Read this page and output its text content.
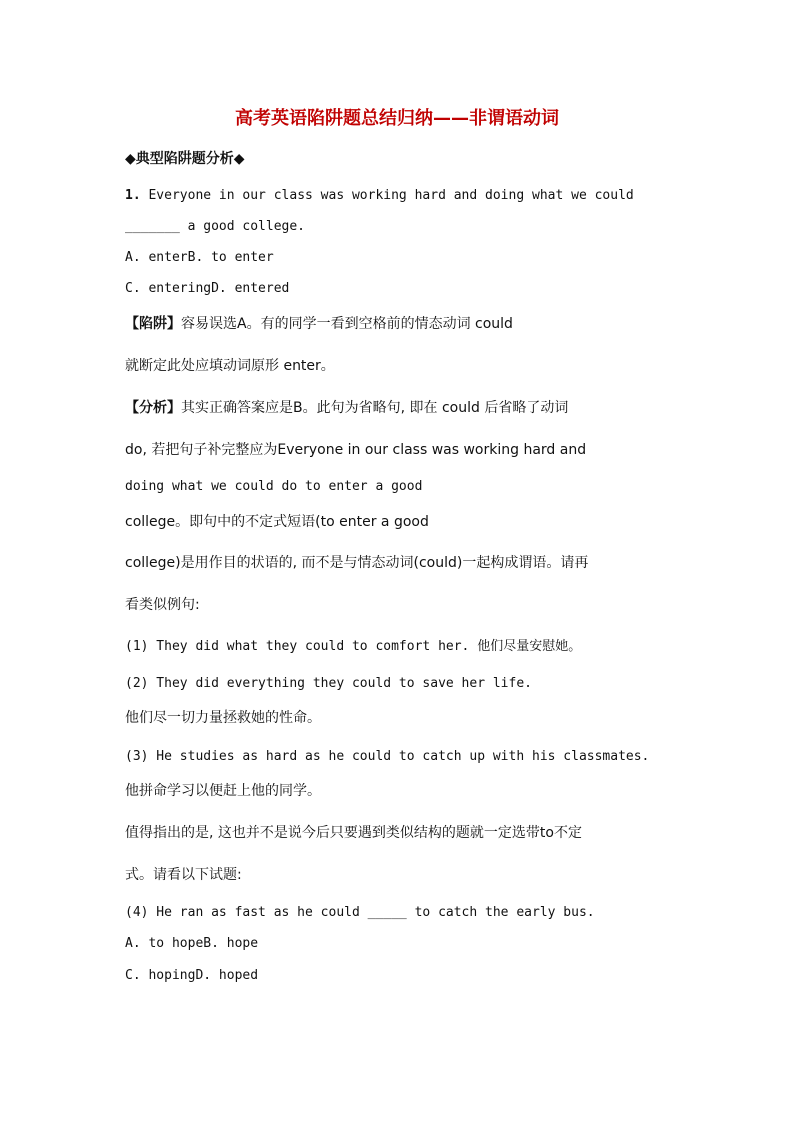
高考英语陷阱题总结归纳——非谓语动词
◆典型陷阱题分析◆
1. Everyone in our class was working hard and doing what we could
_______ a good college.
A. enterB. to enter
C. enteringD. entered
【陷阱】容易误选A。有的同学一看到空格前的情态动词 could
就断定此处应填动词原形 enter。
【分析】其实正确答案应是B。此句为省略句, 即在 could 后省略了动词
do, 若把句子补完整应为Everyone in our class was working hard and
doing what we could do to enter a good
college。即句中的不定式短语(to enter a good
college)是用作目的状语的, 而不是与情态动词(could)一起构成谓语。请再
看类似例句:
(1) They did what they could to comfort her. 他们尽量安慰她。
(2) They did everything they could to save her life.
他们尽一切力量拯救她的性命。
(3) He studies as hard as he could to catch up with his classmates.
他拼命学习以便赶上他的同学。
值得指出的是, 这也并不是说今后只要遇到类似结构的题就一定选带to不定
式。请看以下试题:
(4) He ran as fast as he could _____ to catch the early bus.
A. to hopeB. hope
C. hopingD. hoped
